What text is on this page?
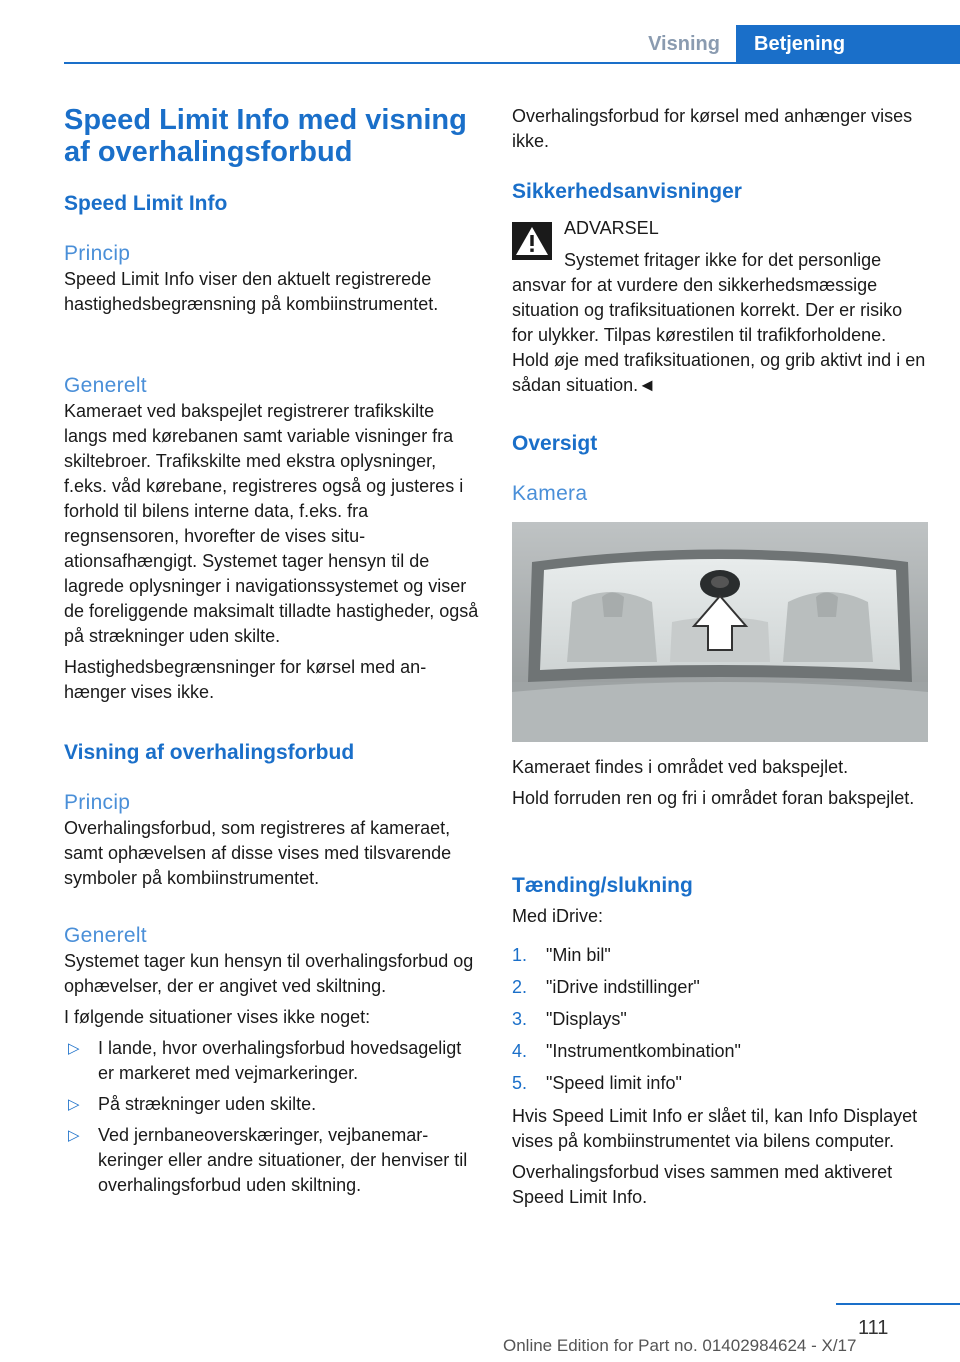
Visning	Betjening
Speed Limit Info med visning af overhalingsforbud
Speed Limit Info
Princip

Speed Limit Info viser den aktuelt registrerede hastighedsbegrænsning på kombiinstrumentet.

Generelt

Kameraet ved bakspejlet registrerer trafikskilte langs med kørebanen samt variable visninger fra skiltebroer. Trafikskilte med ekstra oplysninger, f.eks. våd kørebane, registreres også og justeres i forhold til bilens interne data, f.eks. fra regnsensoren, hvorefter de vises situationsafhængigt. Systemet tager hensyn til de lagrede oplysninger i navigationssystemet og viser de foreliggende maksimalt tilladte hastigheder, også på strækninger uden skilte.

Hastighedsbegrænsninger for kørsel med anhænger vises ikke.

Visning af overhalingsforbud
Princip

Overhalingsforbud, som registreres af kameraet, samt ophævelsen af disse vises med tilsvarende symboler på kombiinstrumentet.

Generelt

Systemet tager kun hensyn til overhalingsforbud og ophævelser, der er angivet ved skiltning.

I følgende situationer vises ikke noget:

▷ I lande, hvor overhalingsforbud hovedsageligt er markeret med vejmarkeringer.
▷ På strækninger uden skilte.
▷ Ved jernbaneoverskæringer, vejbanemarkeringer eller andre situationer, der henviser til overhalingsforbud uden skiltning.

Overhalingsforbud for kørsel med anhænger vises ikke.

Sikkerhedsanvisninger

ADVARSEL

Systemet fritager ikke for det personlige

ansvar for at vurdere den sikkerhedsmæssige situation og trafiksituationen korrekt. Der er risiko for ulykker. Tilpas kørestilen til trafikforholdene. Hold øje med trafiksituationen, og grib aktivt ind i en sådan situation.◄

Oversigt
Kamera

Kameraet findes i området ved bakspejlet.

Hold forruden ren og fri i området foran bakspejlet.

Tænding/slukning

Med iDrive:

1. "Min bil"
2. "iDrive indstillinger"
3. "Displays"
4. "Instrumentkombination"
5. "Speed limit info"

Hvis Speed Limit Info er slået til, kan Info Displayet vises på kombiinstrumentet via bilens computer.

Overhalingsforbud vises sammen med aktiveret Speed Limit Info.

111
Online Edition for Part no. 01402984624 - X/17
